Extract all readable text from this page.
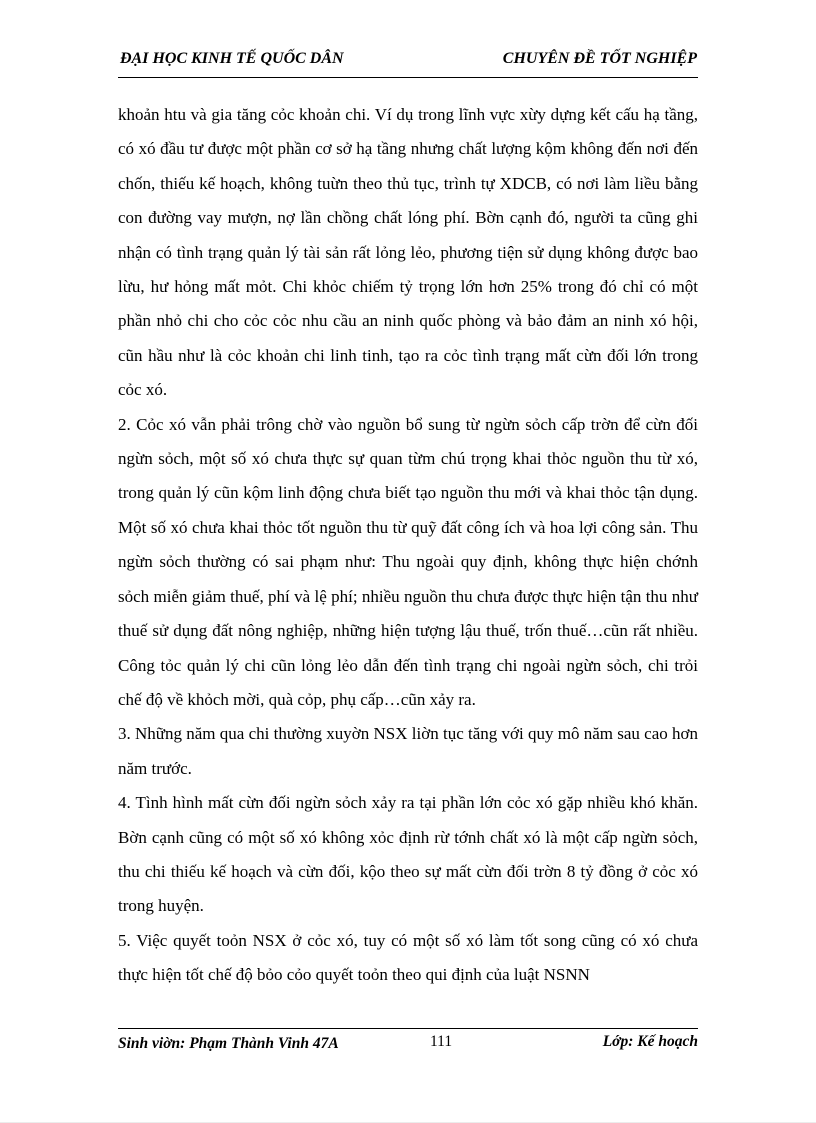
ĐẠI HỌC KINH TẾ QUỐC DÂN	CHUYÊN ĐỀ TỐT NGHIỆP

khoản htu và gia tăng cỏc khoản chi. Ví dụ trong lĩnh vực xừy dựng kết cấu hạ tầng, có xó đầu tư được một phần cơ sở hạ tầng nhưng chất lượng kộm không đến nơi đến chốn, thiếu kế hoạch, không tuừn theo thủ tục, trình tự XDCB, có nơi làm liều bằng con đường vay mượn, nợ lần chồng chất lóng phí. Bờn cạnh đó, người ta cũng ghi nhận có tình trạng quản lý tài sản rất lỏng lẻo, phương tiện sử dụng không được bao lừu, hư hỏng mất mỏt. Chi khỏc chiếm tỷ trọng lớn hơn 25% trong đó chỉ có một phần nhỏ chi cho cỏc cỏc nhu cầu an ninh quốc phòng và bảo đảm an ninh xó hội, cũn hầu như là cỏc khoản chi linh tinh, tạo ra cỏc tình trạng mất cừn đối lớn trong cỏc xó.

2. Cỏc xó vẫn phải trông chờ vào nguồn bổ sung từ ngừn sỏch cấp trờn để cừn đối ngừn sỏch, một số xó chưa thực sự quan từm chú trọng khai thỏc nguồn thu từ xó, trong quản lý cũn kộm linh động chưa biết tạo nguồn thu mới và khai thỏc tận dụng. Một số xó chưa khai thỏc tốt nguồn thu từ quỹ đất công ích và hoa lợi công sản. Thu ngừn sỏch thường có sai phạm như: Thu ngoài quy định, không thực hiện chớnh sỏch miễn giảm thuế, phí và lệ phí; nhiều nguồn thu chưa được thực hiện tận thu như thuế sử dụng đất nông nghiệp, những hiện tượng lậu thuế, trốn thuế…cũn rất nhiều. Công tỏc quản lý chi cũn lỏng lẻo dẫn đến tình trạng chi ngoài ngừn sỏch, chi trỏi chế độ về khỏch mời, quà cỏp, phụ cấp…cũn xảy ra.

3. Những năm qua chi thường xuyờn NSX liờn tục tăng với quy mô năm sau cao hơn năm trước.

4. Tình hình mất cừn đối ngừn sỏch xảy ra tại phần lớn cỏc xó gặp nhiều khó khăn. Bờn cạnh cũng có một số xó không xỏc định rừ tớnh chất xó là một cấp ngừn sỏch, thu chi thiếu kế hoạch và cừn đối, kộo theo sự mất cừn đối trờn 8 tỷ đồng ở cỏc xó trong huyện.

5. Việc quyết toỏn NSX ở cỏc xó, tuy có một số xó làm tốt song cũng có xó chưa thực hiện tốt chế độ bỏo cỏo quyết toỏn theo qui định của luật NSNN

Sinh viờn: Phạm Thành Vinh 47A	111	Lớp: Kế hoạch
